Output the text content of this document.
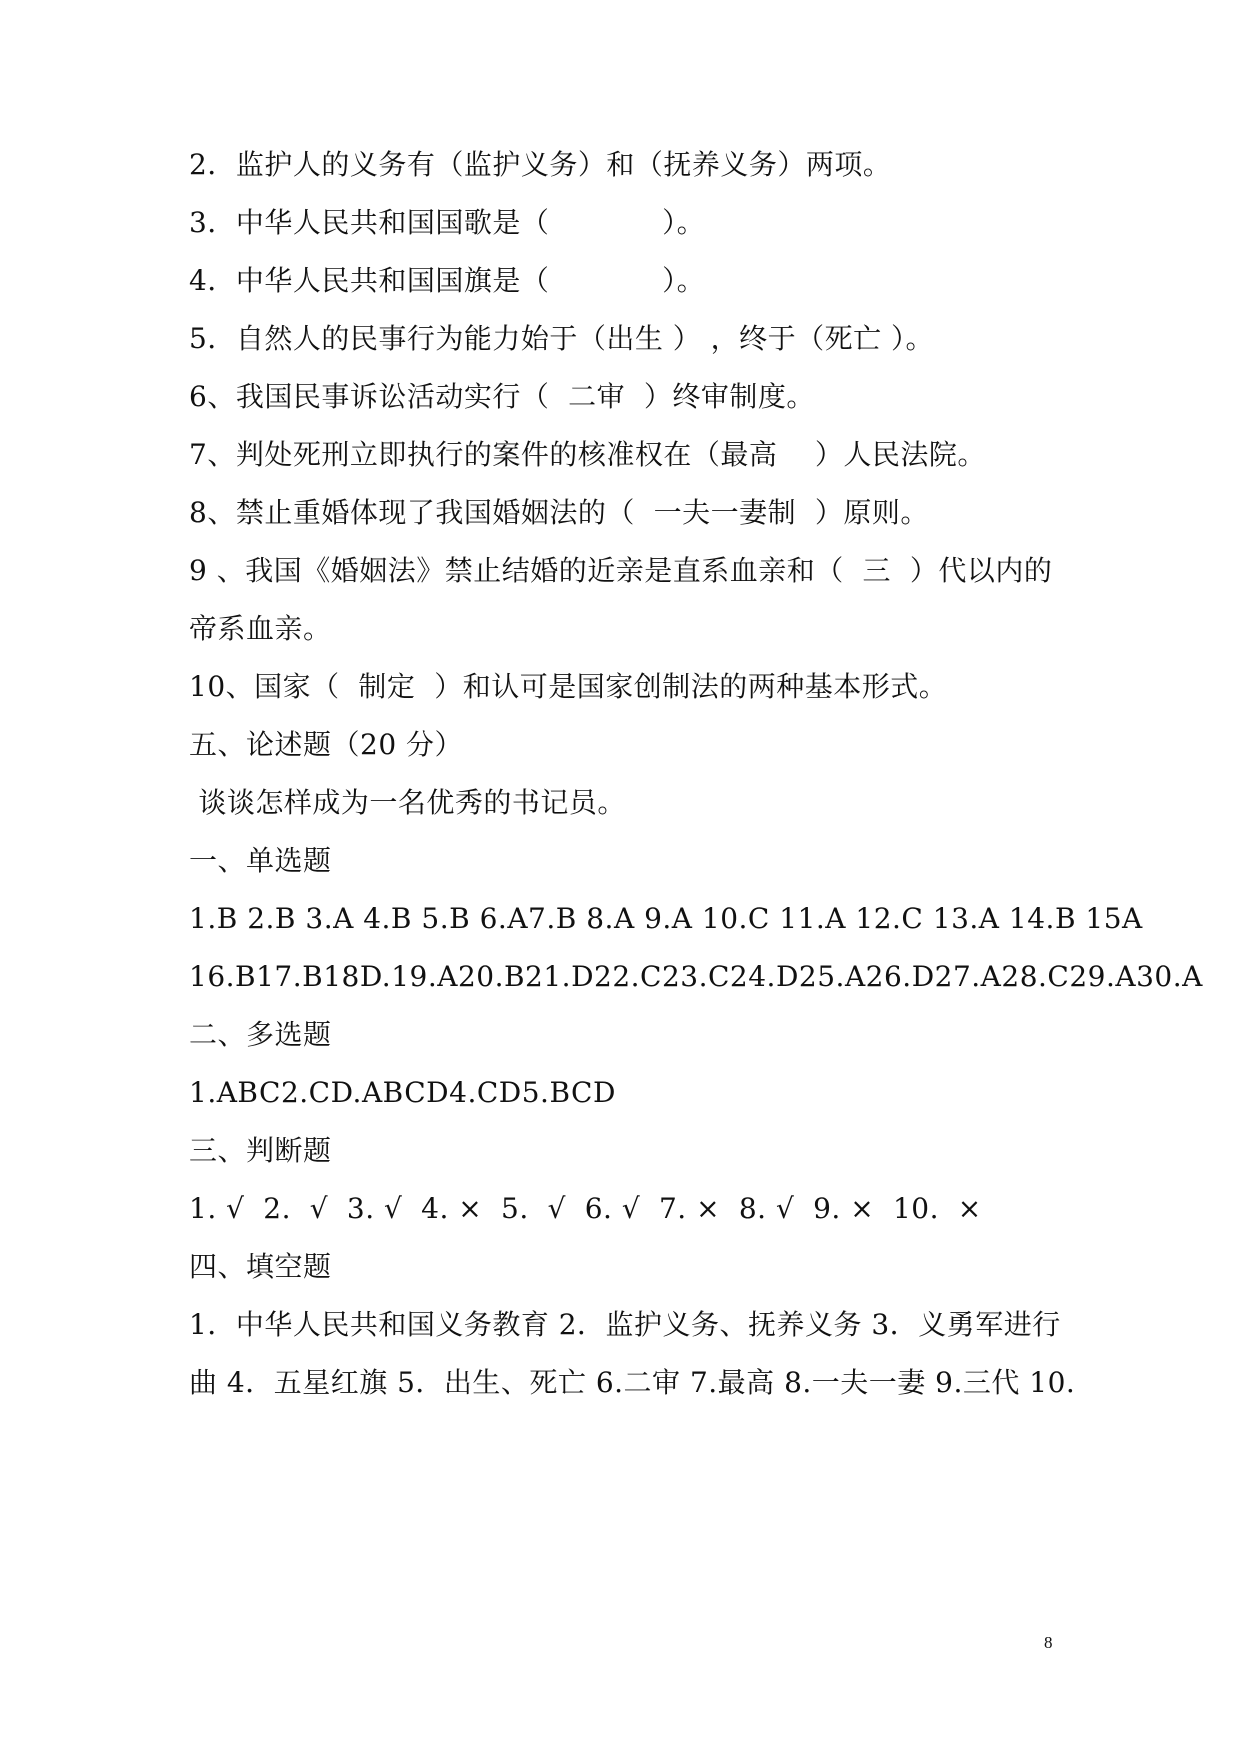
2．监护人的义务有（监护义务）和（抚养义务）两项。
3．中华人民共和国国歌是（            ）。
4．中华人民共和国国旗是（            ）。
5．自然人的民事行为能力始于（出生 ） ，终于（死亡 ）。
6、我国民事诉讼活动实行（  二审  ）终审制度。
7、判处死刑立即执行的案件的核准权在（最高    ）人民法院。
8、禁止重婚体现了我国婚姻法的（  一夫一妻制  ）原则。
9 、我国《婚姻法》禁止结婚的近亲是直系血亲和（  三  ）代以内的
帝系血亲。
10、国家（  制定  ）和认可是国家创制法的两种基本形式。
五、论述题（20 分）
谈谈怎样成为一名优秀的书记员。
一、单选题
1.B 2.B 3.A 4.B 5.B 6.A7.B 8.A 9.A 10.C 11.A 12.C 13.A 14.B 15A
16.B17.B18D.19.A20.B21.D22.C23.C24.D25.A26.D27.A28.C29.A30.A
二、多选题
1.ABC2.CD.ABCD4.CD5.BCD
三、判断题
1. √  2.  √  3. √  4. ×  5.  √  6. √  7. ×  8. √  9. ×  10.  ×
四、填空题
1．中华人民共和国义务教育 2．监护义务、抚养义务 3．义勇军进行
曲 4．五星红旗 5．出生、死亡 6.二审 7.最高 8.一夫一妻 9.三代 10.
8
